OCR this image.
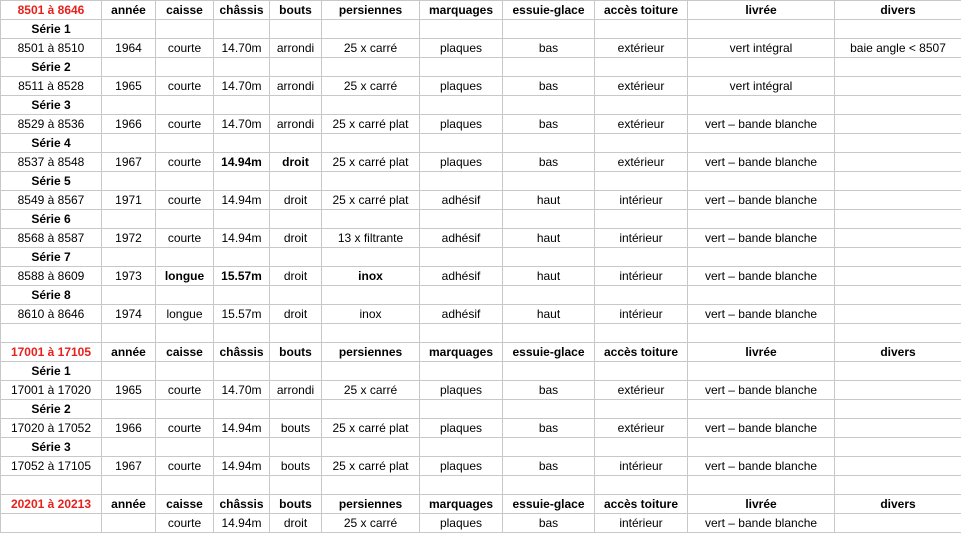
8501 à 8646	année	caisse	châssis	bouts	persiennes	marquages	essuie-glace	accès toiture	livrée	divers
Série 1										
8501 à 8510	1964	courte	14.70m	arrondi	25 x carré	plaques	bas	extérieur	vert intégral	baie angle < 8507
Série 2										
8511 à 8528	1965	courte	14.70m	arrondi	25 x carré	plaques	bas	extérieur	vert intégral	
Série 3										
8529 à 8536	1966	courte	14.70m	arrondi	25 x carré plat	plaques	bas	extérieur	vert – bande blanche	
Série 4										
8537 à 8548	1967	courte	14.94m	droit	25 x carré plat	plaques	bas	extérieur	vert – bande blanche	
Série 5										
8549 à 8567	1971	courte	14.94m	droit	25 x carré plat	adhésif	haut	intérieur	vert – bande blanche	
Série 6										
8568 à 8587	1972	courte	14.94m	droit	13 x filtrante	adhésif	haut	intérieur	vert – bande blanche	
Série 7										
8588 à 8609	1973	longue	15.57m	droit	inox	adhésif	haut	intérieur	vert – bande blanche	
Série 8										
8610 à 8646	1974	longue	15.57m	droit	inox	adhésif	haut	intérieur	vert – bande blanche	

17001 à 17105	année	caisse	châssis	bouts	persiennes	marquages	essuie-glace	accès toiture	livrée	divers
Série 1										
17001 à 17020	1965	courte	14.70m	arrondi	25 x carré	plaques	bas	extérieur	vert – bande blanche	
Série 2										
17020 à 17052	1966	courte	14.94m	bouts	25 x carré plat	plaques	bas	extérieur	vert – bande blanche	
Série 3										
17052 à 17105	1967	courte	14.94m	bouts	25 x carré plat	plaques	bas	intérieur	vert – bande blanche	

20201 à 20213	année	caisse	châssis	bouts	persiennes	marquages	essuie-glace	accès toiture	livrée	divers
		courte	14.94m	droit	25 x carré	plaques	bas	intérieur	vert – bande blanche	
